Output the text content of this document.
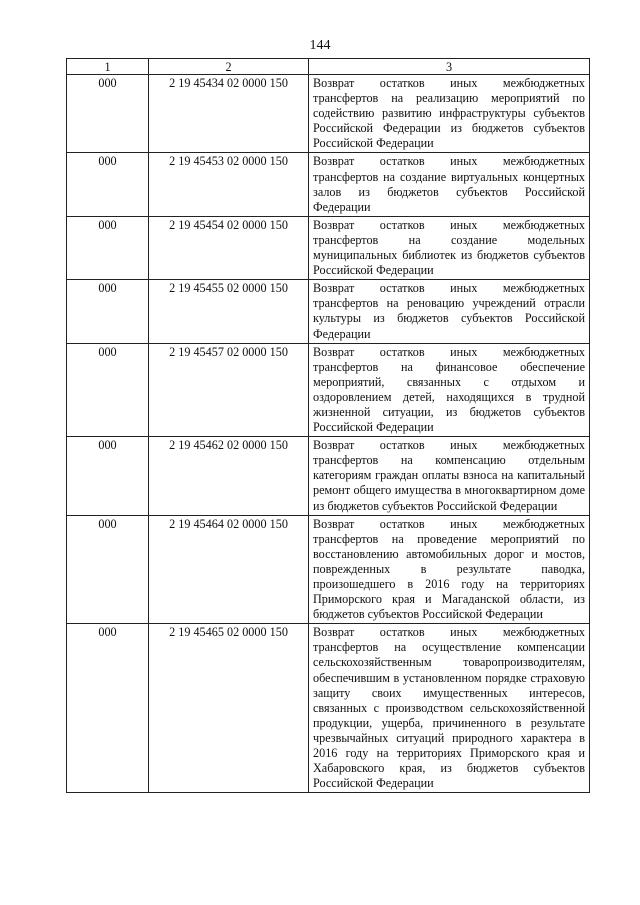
144
1	2	3
000	2 19 45434 02 0000 150	Возврат остатков иных межбюджетных трансфертов на реализацию мероприятий по содействию развитию инфраструктуры субъектов Российской Федерации из бюджетов субъектов Российской Федерации
000	2 19 45453 02 0000 150	Возврат остатков иных межбюджетных трансфертов на создание виртуальных концертных залов из бюджетов субъектов Российской Федерации
000	2 19 45454 02 0000 150	Возврат остатков иных межбюджетных трансфертов на создание модельных муниципальных библиотек из бюджетов субъектов Российской Федерации
000	2 19 45455 02 0000 150	Возврат остатков иных межбюджетных трансфертов на реновацию учреждений отрасли культуры из бюджетов субъектов Российской Федерации
000	2 19 45457 02 0000 150	Возврат остатков иных межбюджетных трансфертов на финансовое обеспечение мероприятий, связанных с отдыхом и оздоровлением детей, находящихся в трудной жизненной ситуации, из бюджетов субъектов Российской Федерации
000	2 19 45462 02 0000 150	Возврат остатков иных межбюджетных трансфертов на компенсацию отдельным категориям граждан оплаты взноса на капитальный ремонт общего имущества в многоквартирном доме из бюджетов субъектов Российской Федерации
000	2 19 45464 02 0000 150	Возврат остатков иных межбюджетных трансфертов на проведение мероприятий по восстановлению автомобильных дорог и мостов, поврежденных в результате паводка, произошедшего в 2016 году на территориях Приморского края и Магаданской области, из бюджетов субъектов Российской Федерации
000	2 19 45465 02 0000 150	Возврат остатков иных межбюджетных трансфертов на осуществление компенсации сельскохозяйственным товаропроизводителям, обеспечившим в установленном порядке страховую защиту своих имущественных интересов, связанных с производством сельскохозяйственной продукции, ущерба, причиненного в результате чрезвычайных ситуаций природного характера в 2016 году на территориях Приморского края и Хабаровского края, из бюджетов субъектов Российской Федерации
